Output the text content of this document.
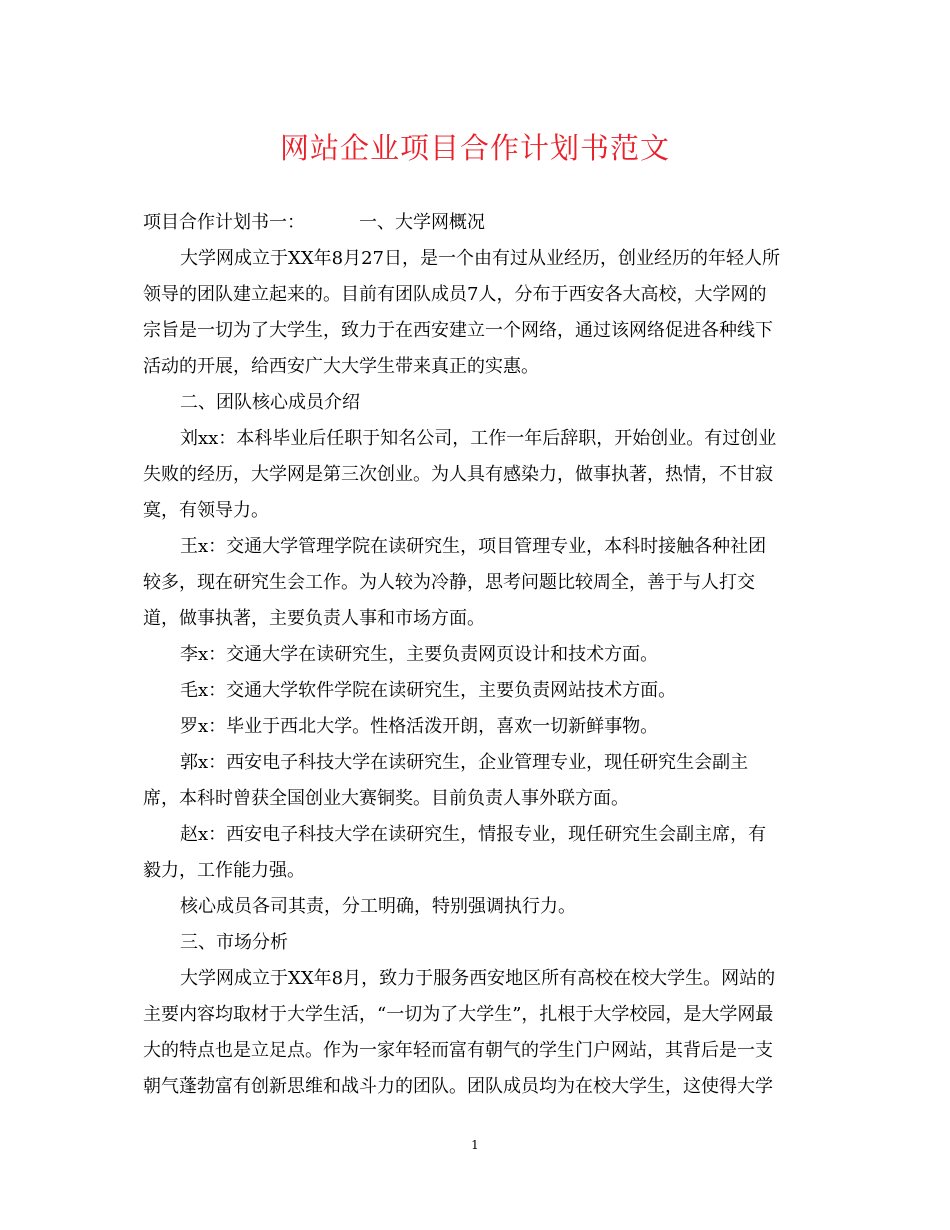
网站企业项目合作计划书范文
项目合作计划书一：	一、大学网概况
大学网成立于XX年8月27日，是一个由有过从业经历，创业经历的年轻人所
领导的团队建立起来的。目前有团队成员7人，分布于西安各大高校，大学网的
宗旨是一切为了大学生，致力于在西安建立一个网络，通过该网络促进各种线下
活动的开展，给西安广大大学生带来真正的实惠。
二、团队核心成员介绍
刘xx：本科毕业后任职于知名公司，工作一年后辞职，开始创业。有过创业
失败的经历，大学网是第三次创业。为人具有感染力，做事执著，热情，不甘寂
寞，有领导力。
王x：交通大学管理学院在读研究生，项目管理专业，本科时接触各种社团
较多，现在研究生会工作。为人较为冷静，思考问题比较周全，善于与人打交
道，做事执著，主要负责人事和市场方面。
李x：交通大学在读研究生，主要负责网页设计和技术方面。
毛x：交通大学软件学院在读研究生，主要负责网站技术方面。
罗x：毕业于西北大学。性格活泼开朗，喜欢一切新鲜事物。
郭x：西安电子科技大学在读研究生，企业管理专业，现任研究生会副主
席，本科时曾获全国创业大赛铜奖。目前负责人事外联方面。
赵x：西安电子科技大学在读研究生，情报专业，现任研究生会副主席，有
毅力，工作能力强。
核心成员各司其责，分工明确，特别强调执行力。
三、市场分析
大学网成立于XX年8月，致力于服务西安地区所有高校在校大学生。网站的
主要内容均取材于大学生活，“一切为了大学生”，扎根于大学校园，是大学网最
大的特点也是立足点。作为一家年轻而富有朝气的学生门户网站，其背后是一支
朝气蓬勃富有创新思维和战斗力的团队。团队成员均为在校大学生，这使得大学
1
